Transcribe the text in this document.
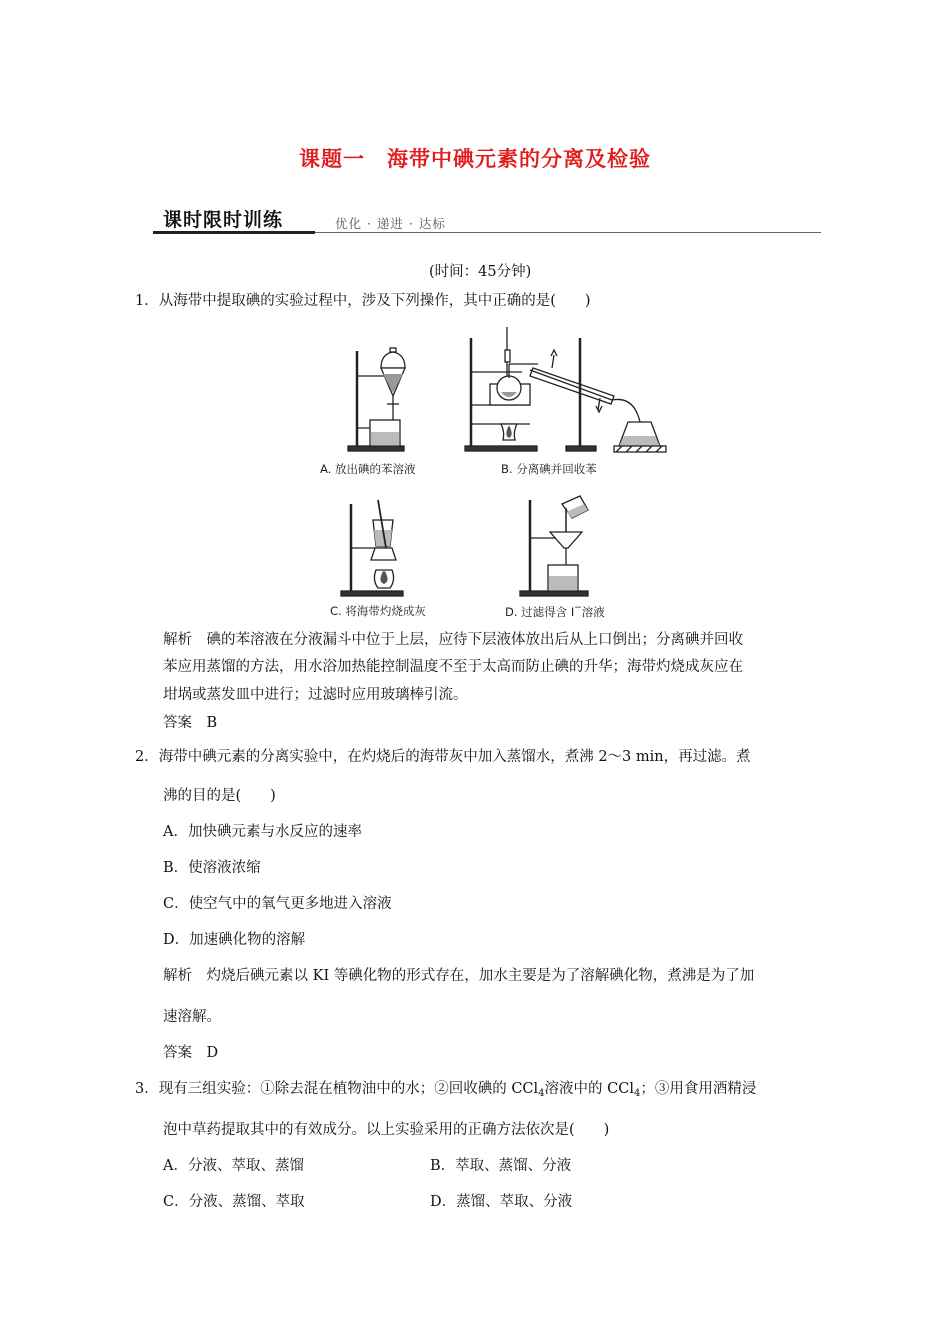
课题一　海带中碘元素的分离及检验
课时限时训练	优化 · 递进 · 达标
(时间：45分钟)
1．从海带中提取碘的实验过程中，涉及下列操作，其中正确的是(　　)
A. 放出碘的苯溶液	B. 分离碘并回收苯
C. 将海带灼烧成灰	D. 过滤得含 I−溶液
解析　碘的苯溶液在分液漏斗中位于上层，应待下层液体放出后从上口倒出；分离碘并回收
苯应用蒸馏的方法，用水浴加热能控制温度不至于太高而防止碘的升华；海带灼烧成灰应在
坩埚或蒸发皿中进行；过滤时应用玻璃棒引流。
答案　B
2．海带中碘元素的分离实验中，在灼烧后的海带灰中加入蒸馏水，煮沸 2～3 min，再过滤。煮
沸的目的是(　　)
A．加快碘元素与水反应的速率
B．使溶液浓缩
C．使空气中的氧气更多地进入溶液
D．加速碘化物的溶解
解析　灼烧后碘元素以 KI 等碘化物的形式存在，加水主要是为了溶解碘化物，煮沸是为了加
速溶解。
答案　D
3．现有三组实验：①除去混在植物油中的水；②回收碘的 CCl$_4$溶液中的 CCl$_4$；③用食用酒精浸
泡中草药提取其中的有效成分。以上实验采用的正确方法依次是(　　)
A．分液、萃取、蒸馏	B．萃取、蒸馏、分液
C．分液、蒸馏、萃取	D．蒸馏、萃取、分液
